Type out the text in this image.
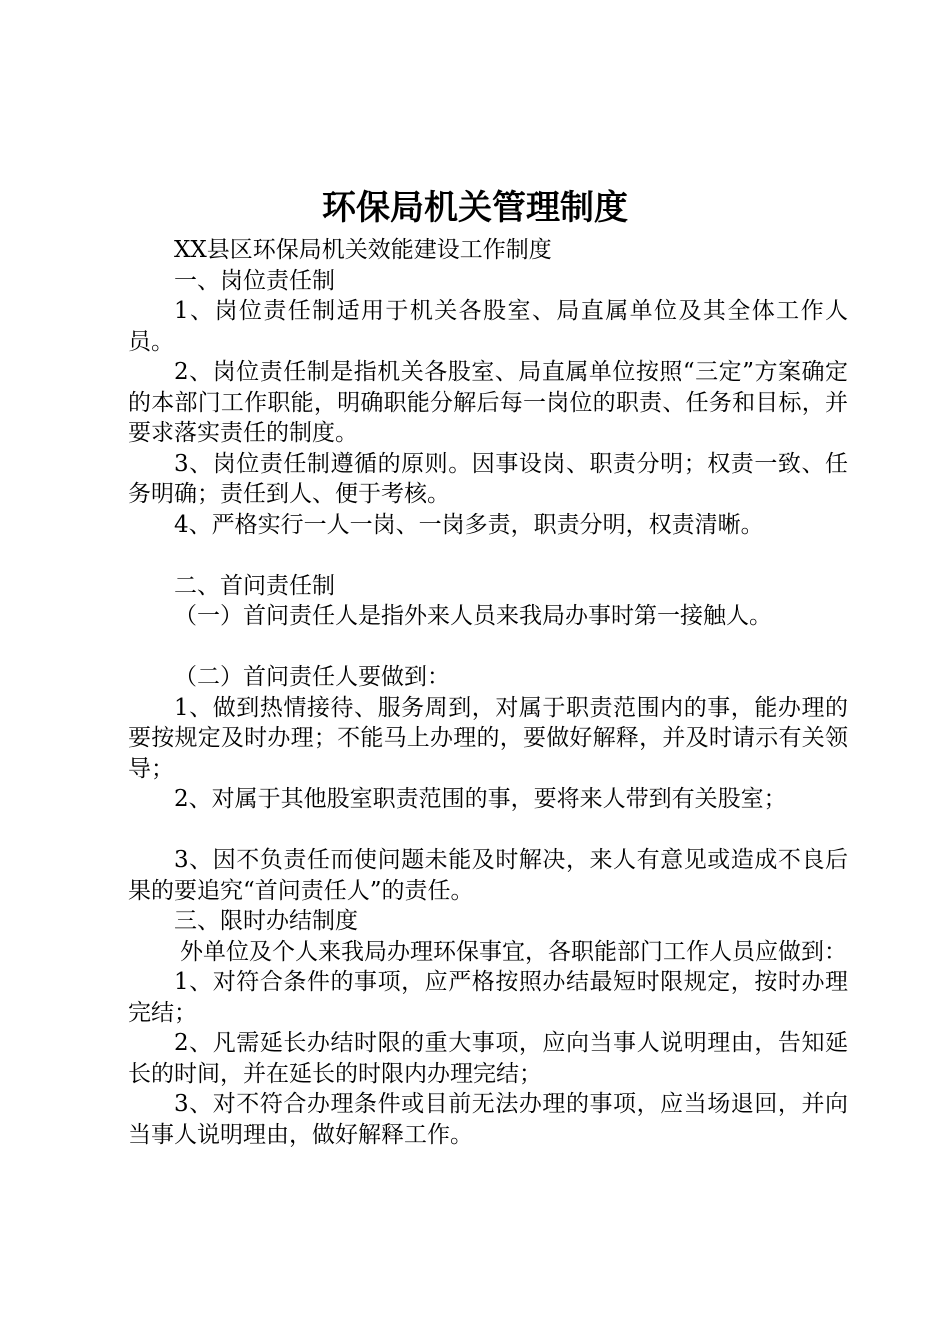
环保局机关管理制度

XX县区环保局机关效能建设工作制度

一、岗位责任制

1、岗位责任制适用于机关各股室、局直属单位及其全体工作人员。

2、岗位责任制是指机关各股室、局直属单位按照“三定”方案确定的本部门工作职能，明确职能分解后每一岗位的职责、任务和目标，并要求落实责任的制度。

3、岗位责任制遵循的原则。因事设岗、职责分明；权责一致、任务明确；责任到人、便于考核。

4、严格实行一人一岗、一岗多责，职责分明，权责清晰。

二、首问责任制

（一）首问责任人是指外来人员来我局办事时第一接触人。

（二）首问责任人要做到：

1、做到热情接待、服务周到，对属于职责范围内的事，能办理的要按规定及时办理；不能马上办理的，要做好解释，并及时请示有关领导；

2、对属于其他股室职责范围的事，要将来人带到有关股室；

3、因不负责任而使问题未能及时解决，来人有意见或造成不良后果的要追究“首问责任人”的责任。

三、限时办结制度

外单位及个人来我局办理环保事宜，各职能部门工作人员应做到：

1、对符合条件的事项，应严格按照办结最短时限规定，按时办理完结；

2、凡需延长办结时限的重大事项，应向当事人说明理由，告知延长的时间，并在延长的时限内办理完结；

3、对不符合办理条件或目前无法办理的事项，应当场退回，并向当事人说明理由，做好解释工作。
